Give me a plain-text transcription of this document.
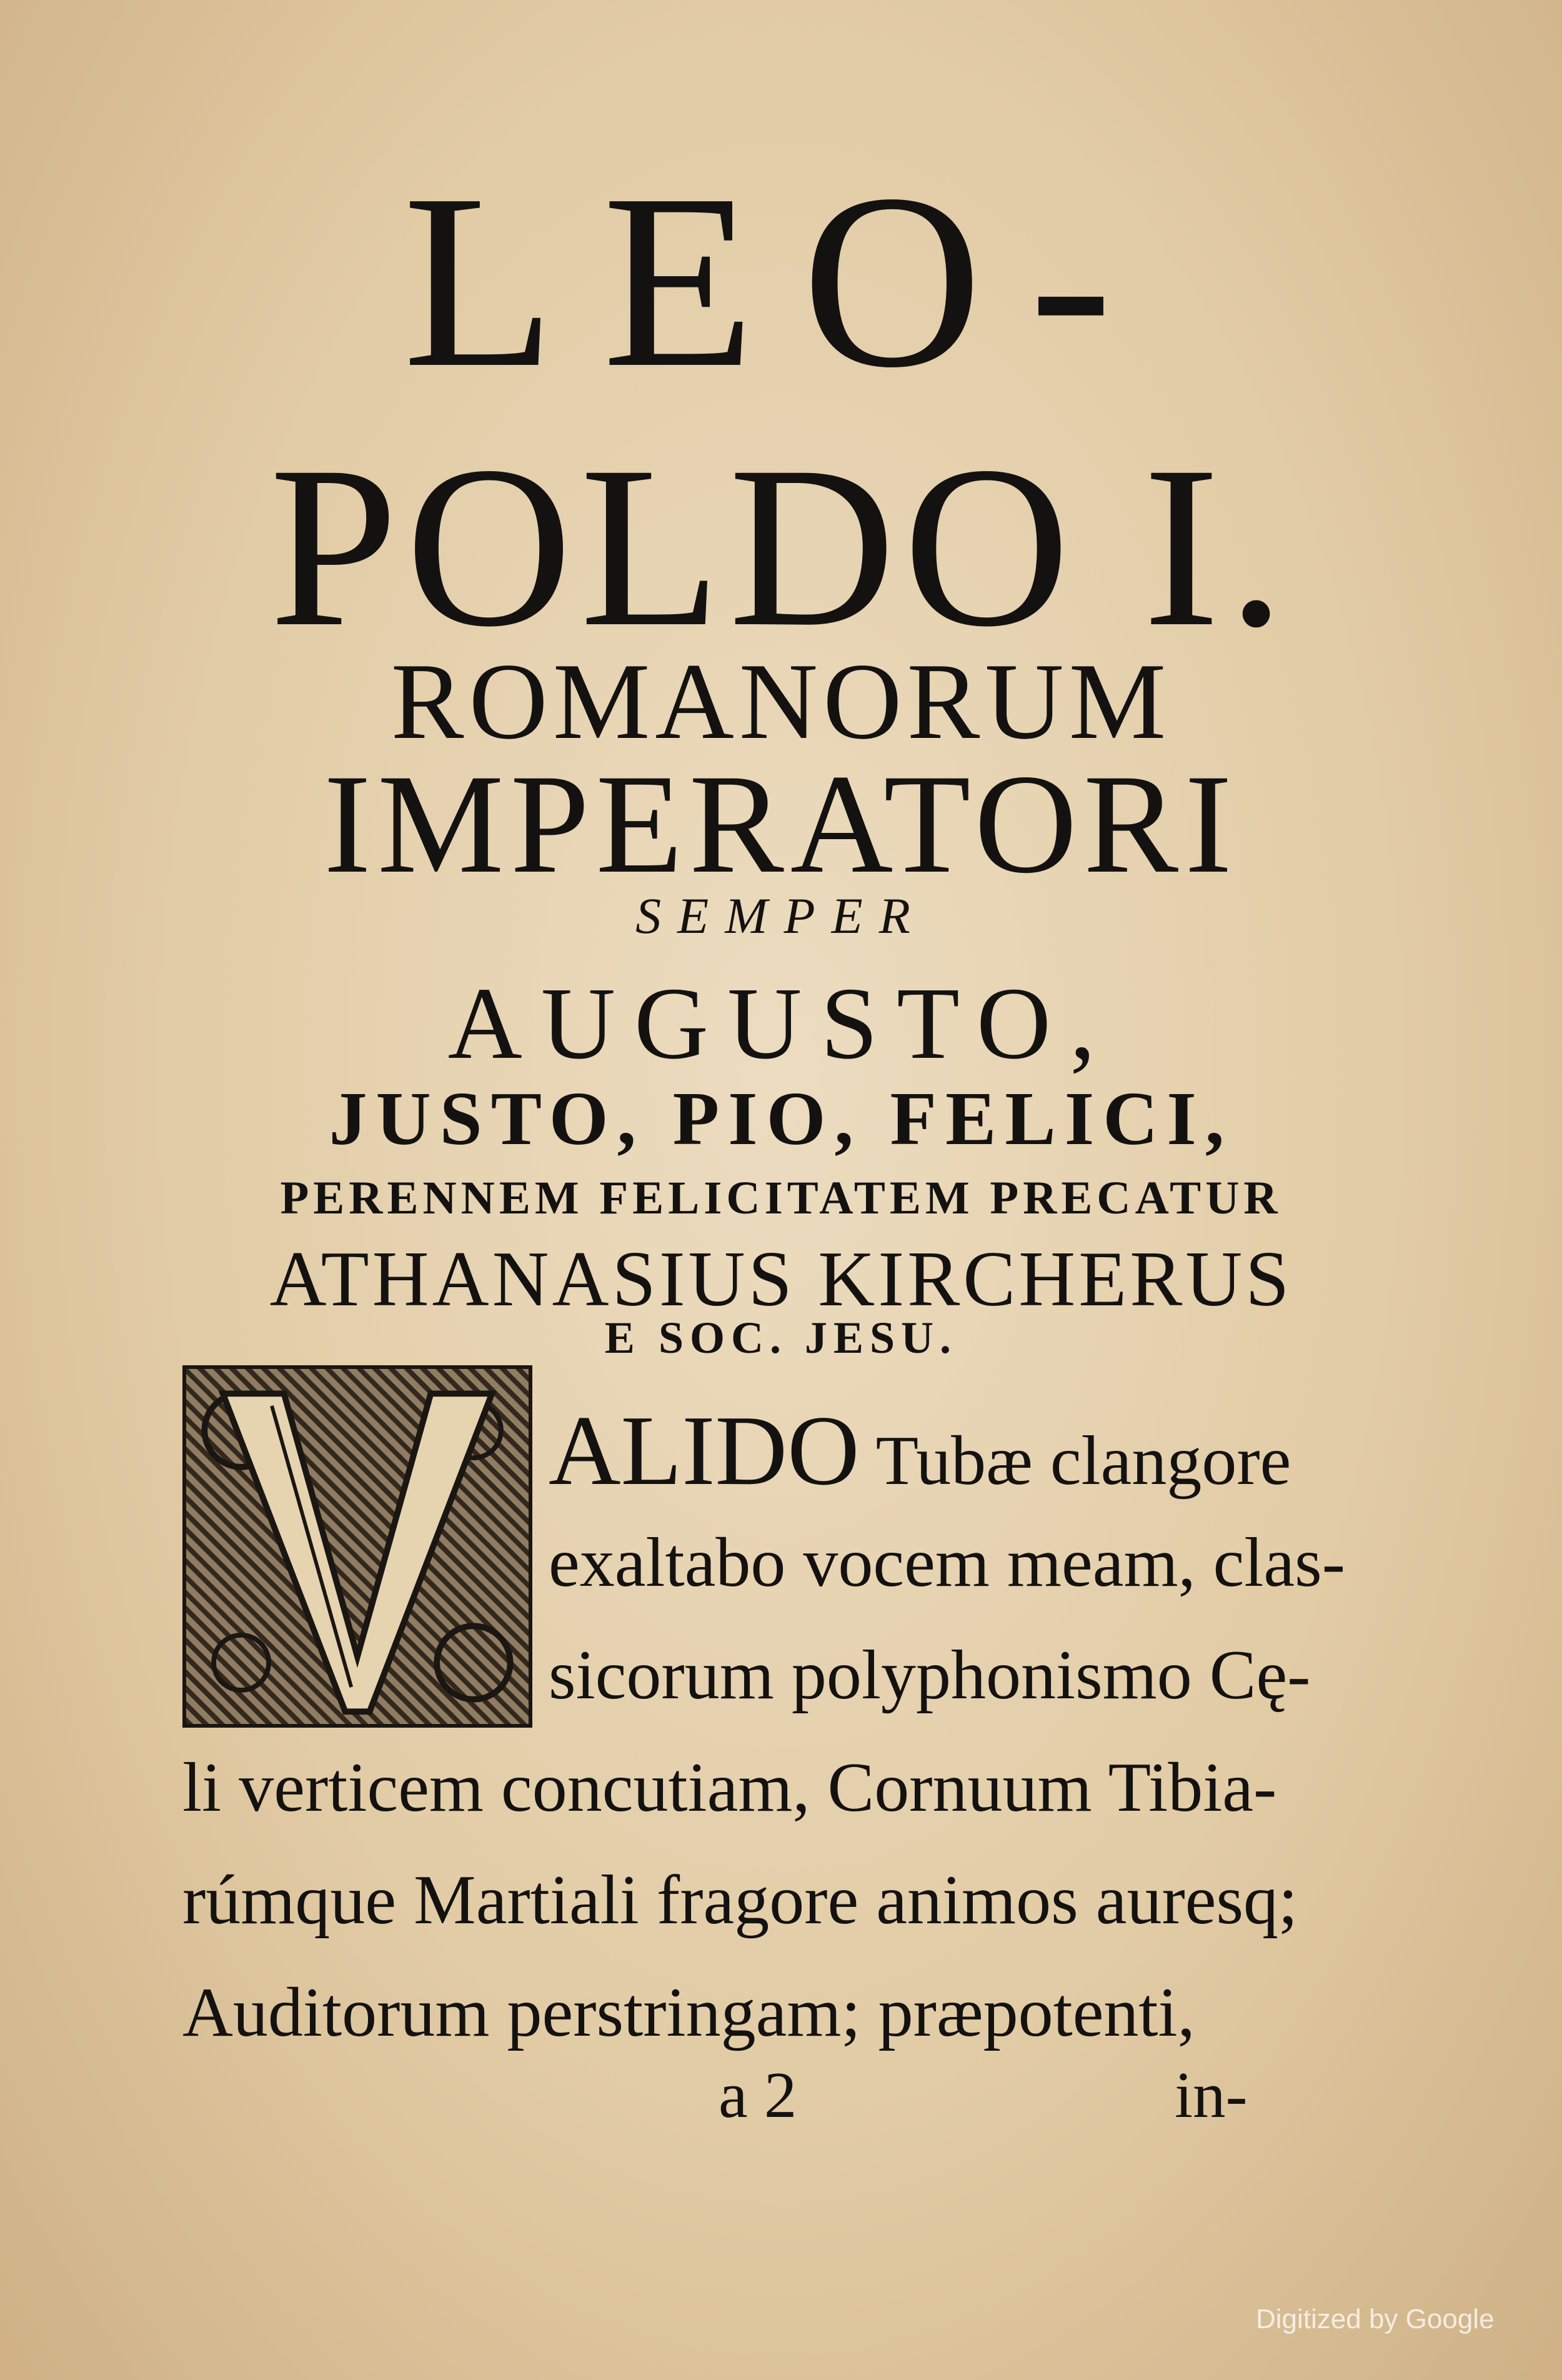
LEO-
POLDO I.
ROMANORUM
IMPERATORI
SEMPER
AUGUSTO,
JUSTO, PIO, FELICI,
PERENNEM FELICITATEM PRECATUR
ATHANASIUS KIRCHERUS
E SOC. JESU.
ALIDO Tubæ clangore
exaltabo vocem meam, clas-
sicorum polyphonismo Cę-
li verticem concutiam, Cornuum Tibia-
rúmque Martiali fragore animos auresq;
Auditorum perstringam; præpotenti,
a 2	in-
Digitized by Google
